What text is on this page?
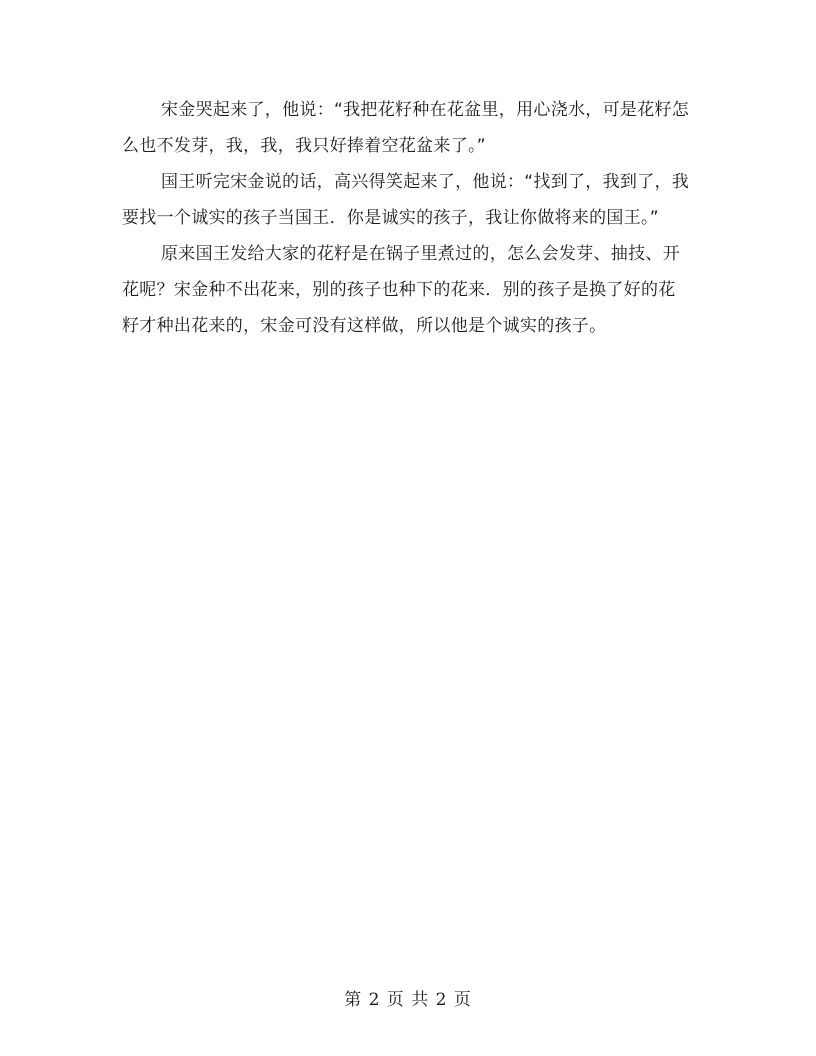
宋金哭起来了，他说：“我把花籽种在花盆里，用心浇水，可是花籽怎么也不发芽，我，我，我只好捧着空花盆来了。”

国王听完宋金说的话，高兴得笑起来了，他说：“找到了，我到了，我要找一个诚实的孩子当国王．你是诚实的孩子，我让你做将来的国王。”

原来国王发给大家的花籽是在锅子里煮过的，怎么会发芽、抽技、开花呢？宋金种不出花来，别的孩子也种下的花来．别的孩子是换了好的花籽才种出花来的，宋金可没有这样做，所以他是个诚实的孩子。

第 2 页 共 2 页
